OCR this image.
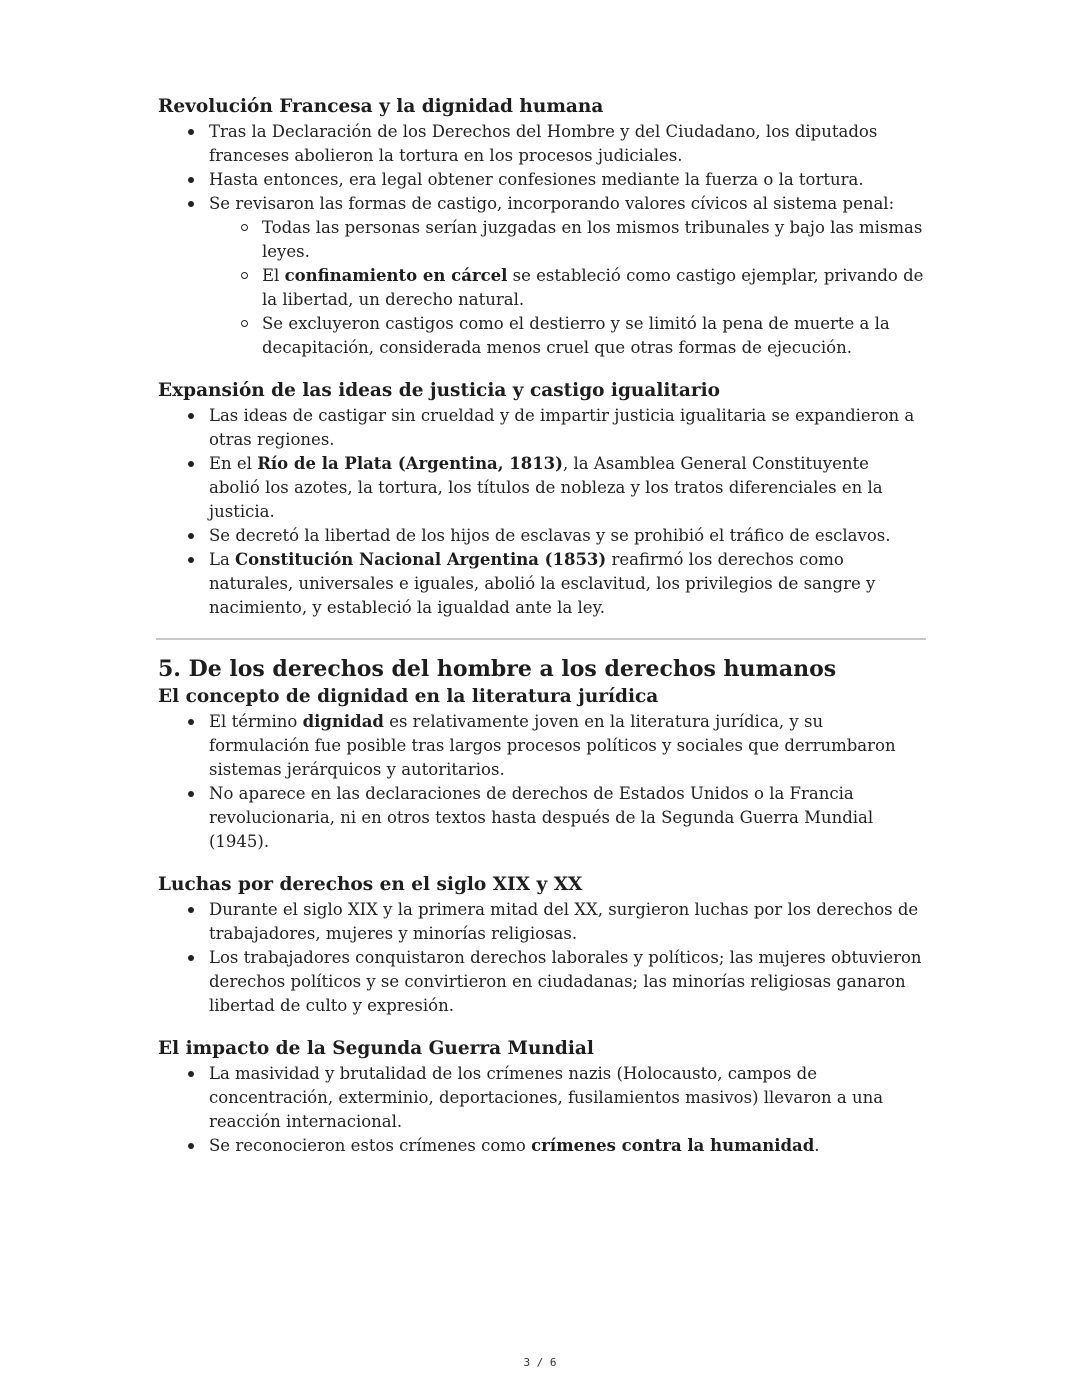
Revolución Francesa y la dignidad humana
Tras la Declaración de los Derechos del Hombre y del Ciudadano, los diputados franceses abolieron la tortura en los procesos judiciales.
Hasta entonces, era legal obtener confesiones mediante la fuerza o la tortura.
Se revisaron las formas de castigo, incorporando valores cívicos al sistema penal:
Todas las personas serían juzgadas en los mismos tribunales y bajo las mismas leyes.
El confinamiento en cárcel se estableció como castigo ejemplar, privando de la libertad, un derecho natural.
Se excluyeron castigos como el destierro y se limitó la pena de muerte a la decapitación, considerada menos cruel que otras formas de ejecución.
Expansión de las ideas de justicia y castigo igualitario
Las ideas de castigar sin crueldad y de impartir justicia igualitaria se expandieron a otras regiones.
En el Río de la Plata (Argentina, 1813), la Asamblea General Constituyente abolió los azotes, la tortura, los títulos de nobleza y los tratos diferenciales en la justicia.
Se decretó la libertad de los hijos de esclavas y se prohibió el tráfico de esclavos.
La Constitución Nacional Argentina (1853) reafirmó los derechos como naturales, universales e iguales, abolió la esclavitud, los privilegios de sangre y nacimiento, y estableció la igualdad ante la ley.
5. De los derechos del hombre a los derechos humanos
El concepto de dignidad en la literatura jurídica
El término dignidad es relativamente joven en la literatura jurídica, y su formulación fue posible tras largos procesos políticos y sociales que derrumbaron sistemas jerárquicos y autoritarios.
No aparece en las declaraciones de derechos de Estados Unidos o la Francia revolucionaria, ni en otros textos hasta después de la Segunda Guerra Mundial (1945).
Luchas por derechos en el siglo XIX y XX
Durante el siglo XIX y la primera mitad del XX, surgieron luchas por los derechos de trabajadores, mujeres y minorías religiosas.
Los trabajadores conquistaron derechos laborales y políticos; las mujeres obtuvieron derechos políticos y se convirtieron en ciudadanas; las minorías religiosas ganaron libertad de culto y expresión.
El impacto de la Segunda Guerra Mundial
La masividad y brutalidad de los crímenes nazis (Holocausto, campos de concentración, exterminio, deportaciones, fusilamientos masivos) llevaron a una reacción internacional.
Se reconocieron estos crímenes como crímenes contra la humanidad.
3 / 6
